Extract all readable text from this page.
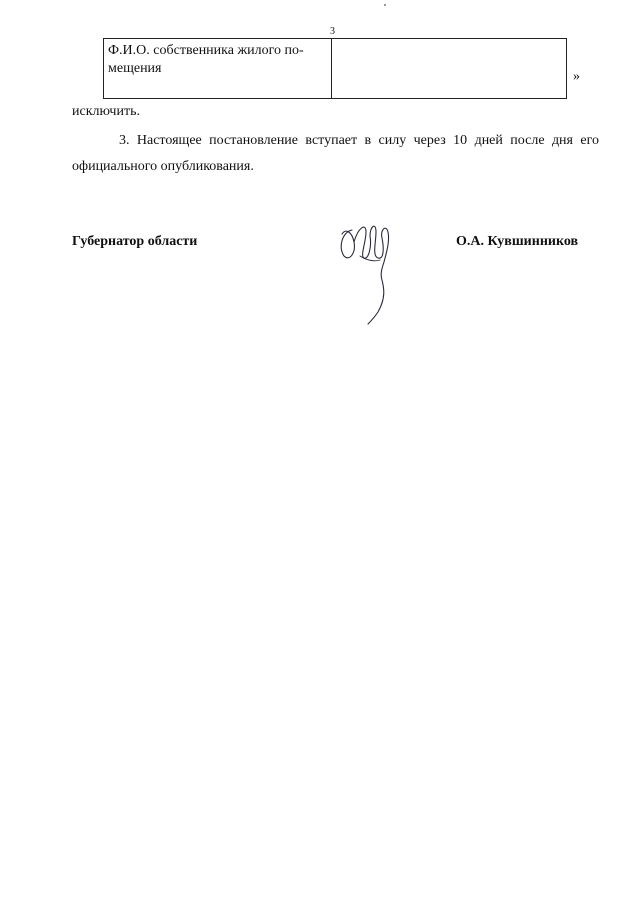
3
Ф.И.О. собственника жилого по-
мещения
»
исключить.
3. Настоящее постановление вступает в силу через 10 дней после дня его
официального опубликования.
Губернатор области	О.А. Кувшинников
